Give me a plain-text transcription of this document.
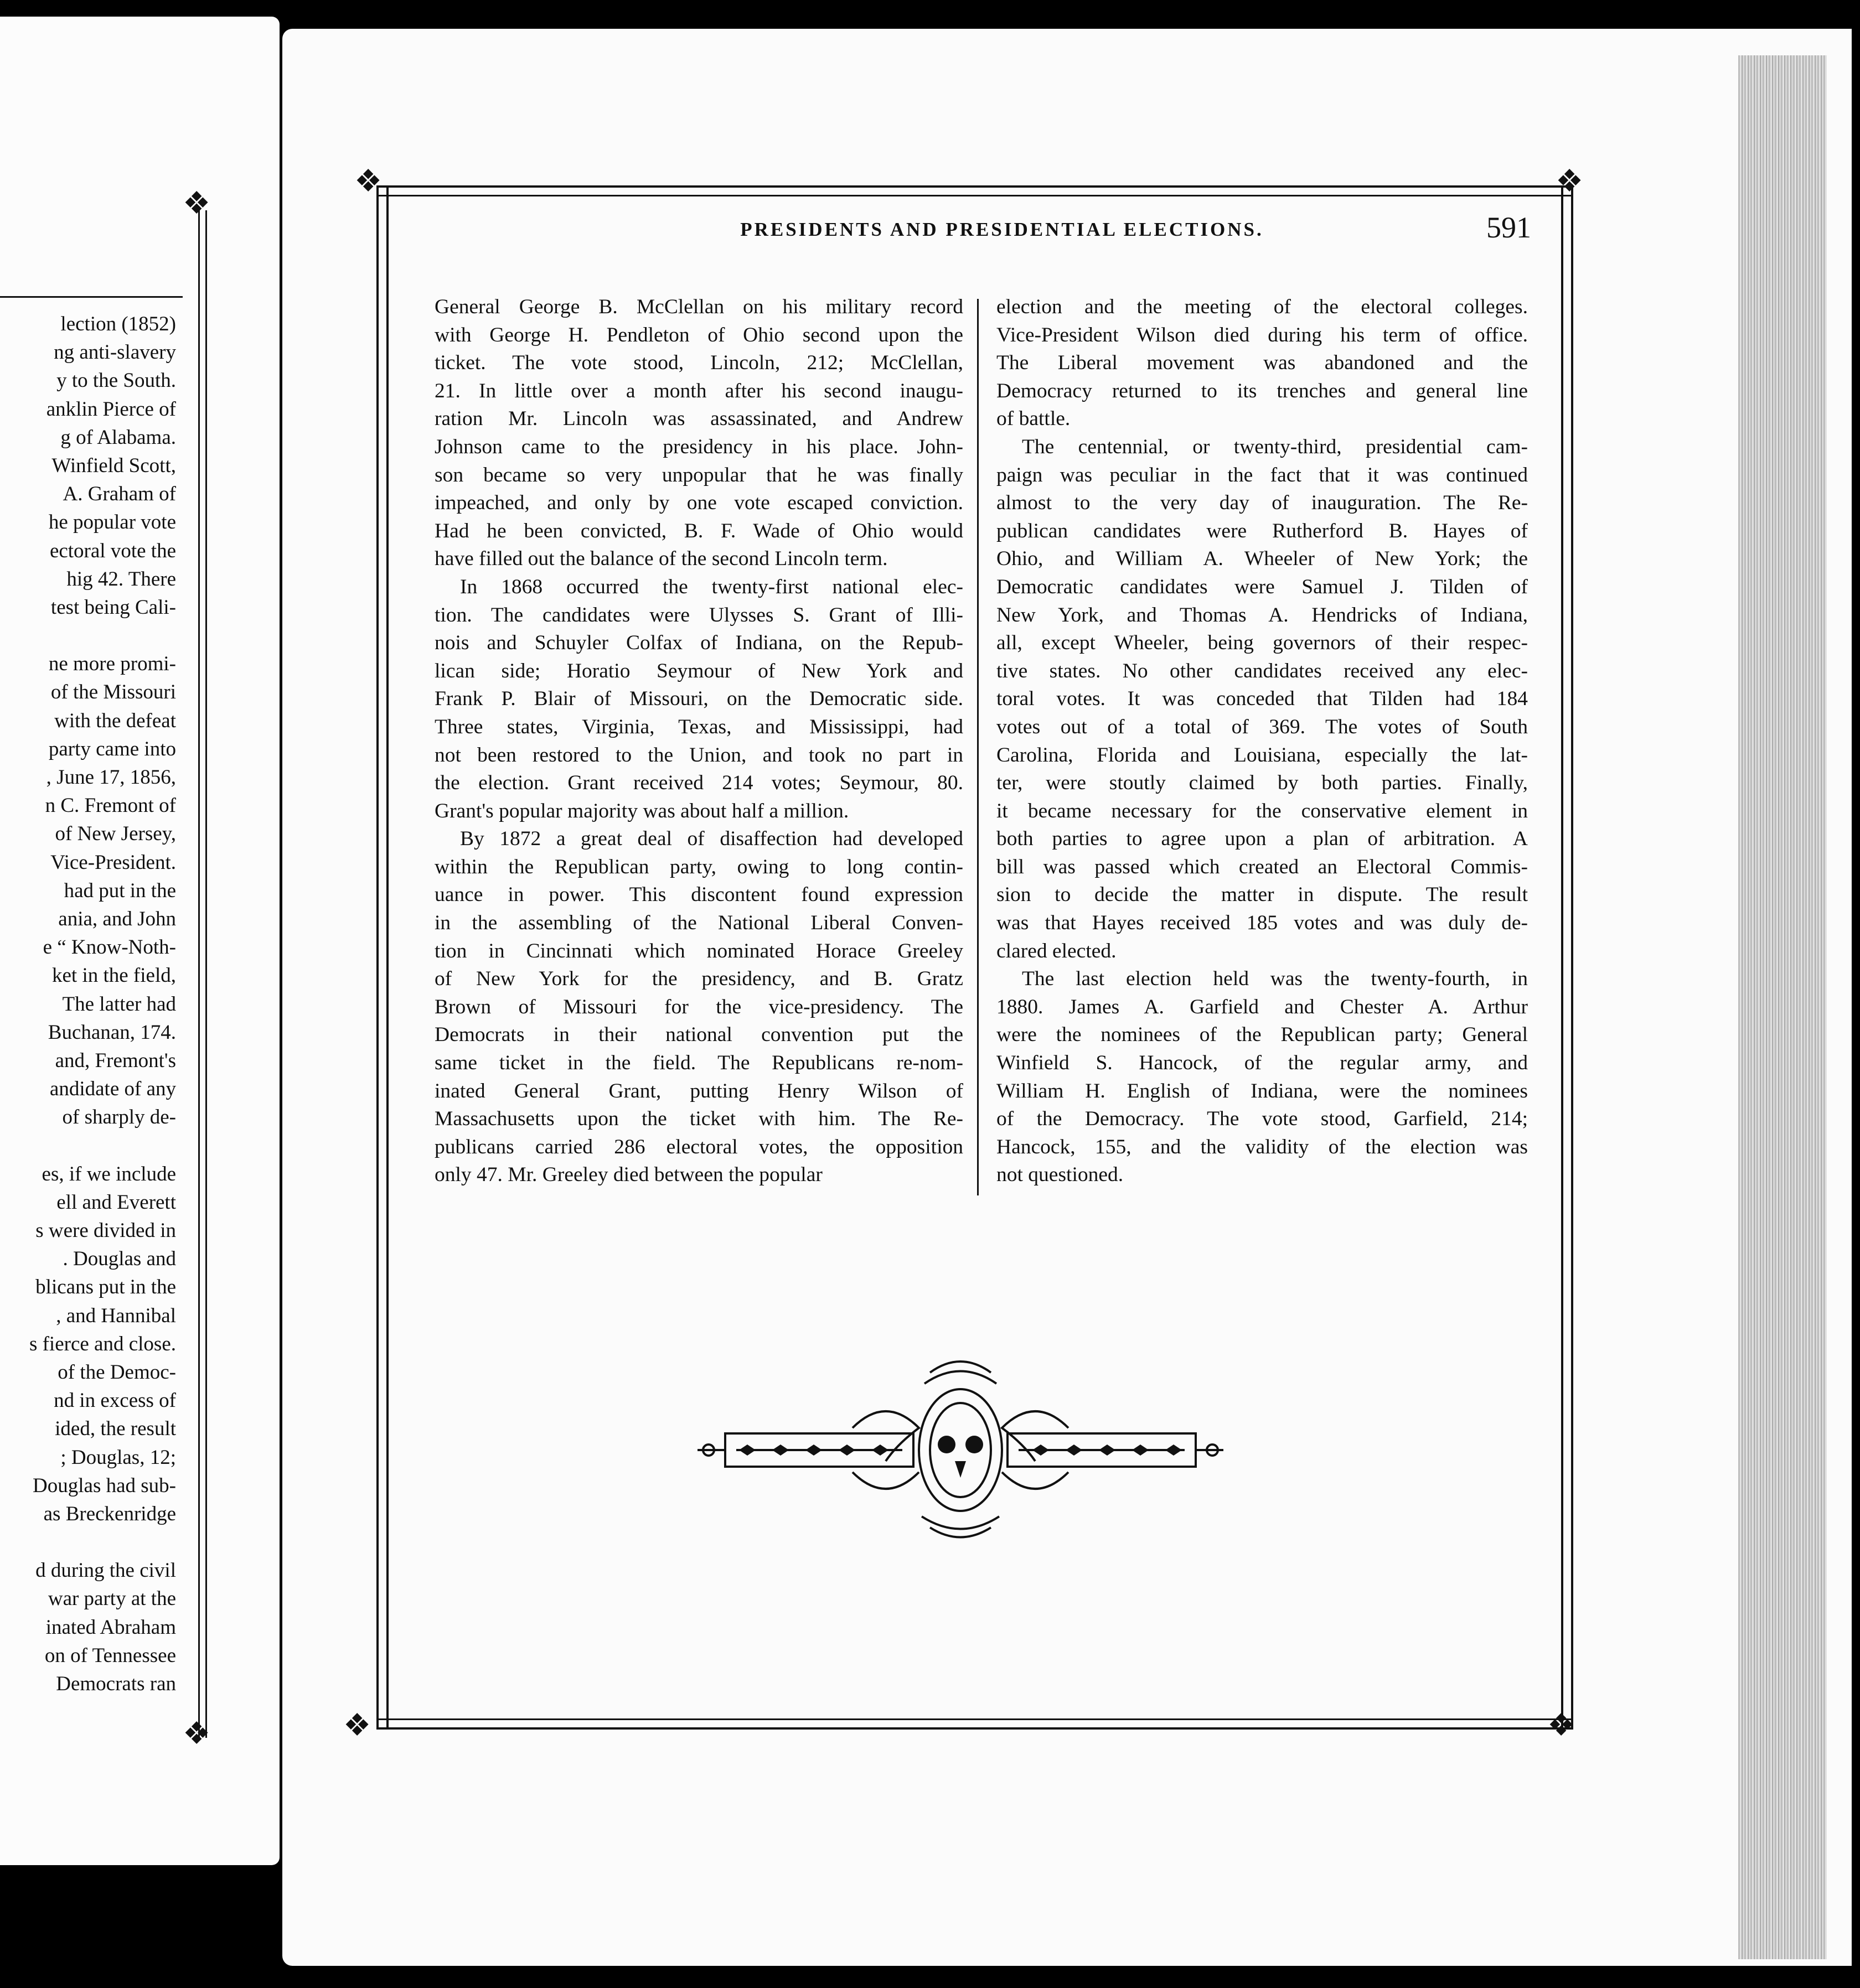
lection (1852)
ng anti-slavery
y to the South.
anklin Pierce of
g of Alabama.
Winfield Scott,
A. Graham of
he popular vote
ectoral vote the
hig 42. There
test being Cali-
ne more promi-
of the Missouri
with the defeat
party came into
, June 17, 1856,
n C. Fremont of
of New Jersey,
Vice-President.
had put in the
ania, and John
e “ Know-Noth-
ket in the field,
The latter had
Buchanan, 174.
and, Fremont's
andidate of any
of sharply de-
es, if we include
ell and Everett
s were divided in
. Douglas and
blicans put in the
, and Hannibal
s fierce and close.
of the Democ-
nd in excess of
ided, the result
; Douglas, 12;
Douglas had sub-
as Breckenridge
d during the civil
war party at the
inated Abraham
on of Tennessee
Democrats ran
❖
❖
❖	❖
❖	❖
PRESIDENTS AND PRESIDENTIAL ELECTIONS.	591
General George B. McClellan on his military record
with George H. Pendleton of Ohio second upon the
ticket. The vote stood, Lincoln, 212; McClellan,
21. In little over a month after his second inaugu-
ration Mr. Lincoln was assassinated, and Andrew
Johnson came to the presidency in his place. John-
son became so very unpopular that he was finally
impeached, and only by one vote escaped conviction.
Had he been convicted, B. F. Wade of Ohio would
have filled out the balance of the second Lincoln term.
In 1868 occurred the twenty-first national elec-
tion. The candidates were Ulysses S. Grant of Illi-
nois and Schuyler Colfax of Indiana, on the Repub-
lican side; Horatio Seymour of New York and
Frank P. Blair of Missouri, on the Democratic side.
Three states, Virginia, Texas, and Mississippi, had
not been restored to the Union, and took no part in
the election. Grant received 214 votes; Seymour, 80.
Grant's popular majority was about half a million.
By 1872 a great deal of disaffection had developed
within the Republican party, owing to long contin-
uance in power. This discontent found expression
in the assembling of the National Liberal Conven-
tion in Cincinnati which nominated Horace Greeley
of New York for the presidency, and B. Gratz
Brown of Missouri for the vice-presidency. The
Democrats in their national convention put the
same ticket in the field. The Republicans re-nom-
inated General Grant, putting Henry Wilson of
Massachusetts upon the ticket with him. The Re-
publicans carried 286 electoral votes, the opposition
only 47. Mr. Greeley died between the popular
election and the meeting of the electoral colleges.
Vice-President Wilson died during his term of office.
The Liberal movement was abandoned and the
Democracy returned to its trenches and general line
of battle.
The centennial, or twenty-third, presidential cam-
paign was peculiar in the fact that it was continued
almost to the very day of inauguration. The Re-
publican candidates were Rutherford B. Hayes of
Ohio, and William A. Wheeler of New York; the
Democratic candidates were Samuel J. Tilden of
New York, and Thomas A. Hendricks of Indiana,
all, except Wheeler, being governors of their respec-
tive states. No other candidates received any elec-
toral votes. It was conceded that Tilden had 184
votes out of a total of 369. The votes of South
Carolina, Florida and Louisiana, especially the lat-
ter, were stoutly claimed by both parties. Finally,
it became necessary for the conservative element in
both parties to agree upon a plan of arbitration. A
bill was passed which created an Electoral Commis-
sion to decide the matter in dispute. The result
was that Hayes received 185 votes and was duly de-
clared elected.
The last election held was the twenty-fourth, in
1880. James A. Garfield and Chester A. Arthur
were the nominees of the Republican party; General
Winfield S. Hancock, of the regular army, and
William H. English of Indiana, were the nominees
of the Democracy. The vote stood, Garfield, 214;
Hancock, 155, and the validity of the election was
not questioned.
